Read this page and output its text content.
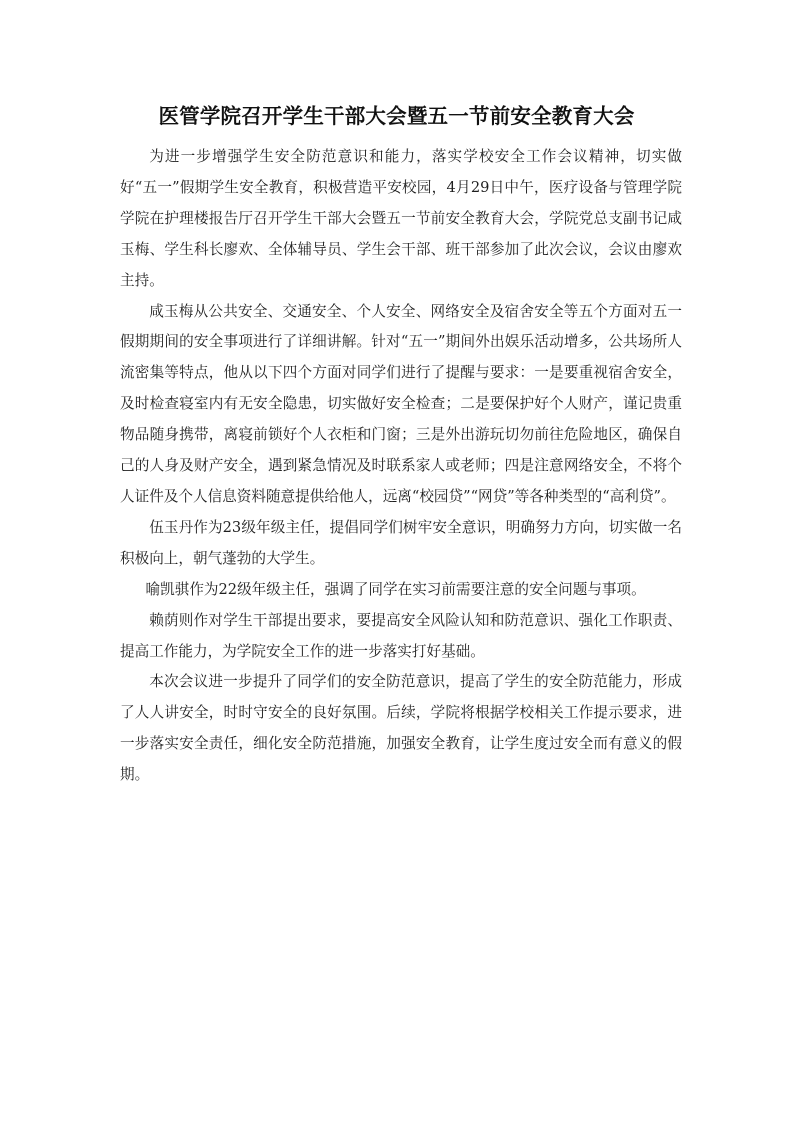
医管学院召开学生干部大会暨五一节前安全教育大会

为进一步增强学生安全防范意识和能力，落实学校安全工作会议精神，切实做好“五一”假期学生安全教育，积极营造平安校园，4月29日中午，医疗设备与管理学院学院在护理楼报告厅召开学生干部大会暨五一节前安全教育大会，学院党总支副书记咸玉梅、学生科长廖欢、全体辅导员、学生会干部、班干部参加了此次会议，会议由廖欢主持。

咸玉梅从公共安全、交通安全、个人安全、网络安全及宿舍安全等五个方面对五一假期期间的安全事项进行了详细讲解。针对“五一”期间外出娱乐活动增多，公共场所人流密集等特点，他从以下四个方面对同学们进行了提醒与要求：一是要重视宿舍安全，及时检查寝室内有无安全隐患，切实做好安全检查；二是要保护好个人财产，谨记贵重物品随身携带，离寝前锁好个人衣柜和门窗；三是外出游玩切勿前往危险地区，确保自己的人身及财产安全，遇到紧急情况及时联系家人或老师；四是注意网络安全，不将个人证件及个人信息资料随意提供给他人，远离“校园贷”“网贷”等各种类型的“高利贷”。

伍玉丹作为23级年级主任，提倡同学们树牢安全意识，明确努力方向，切实做一名积极向上，朝气蓬勃的大学生。

喻凯骐作为22级年级主任，强调了同学在实习前需要注意的安全问题与事项。

赖荫则作对学生干部提出要求，要提高安全风险认知和防范意识、强化工作职责、提高工作能力，为学院安全工作的进一步落实打好基础。

本次会议进一步提升了同学们的安全防范意识，提高了学生的安全防范能力，形成了人人讲安全，时时守安全的良好氛围。后续，学院将根据学校相关工作提示要求，进一步落实安全责任，细化安全防范措施，加强安全教育，让学生度过安全而有意义的假期。
